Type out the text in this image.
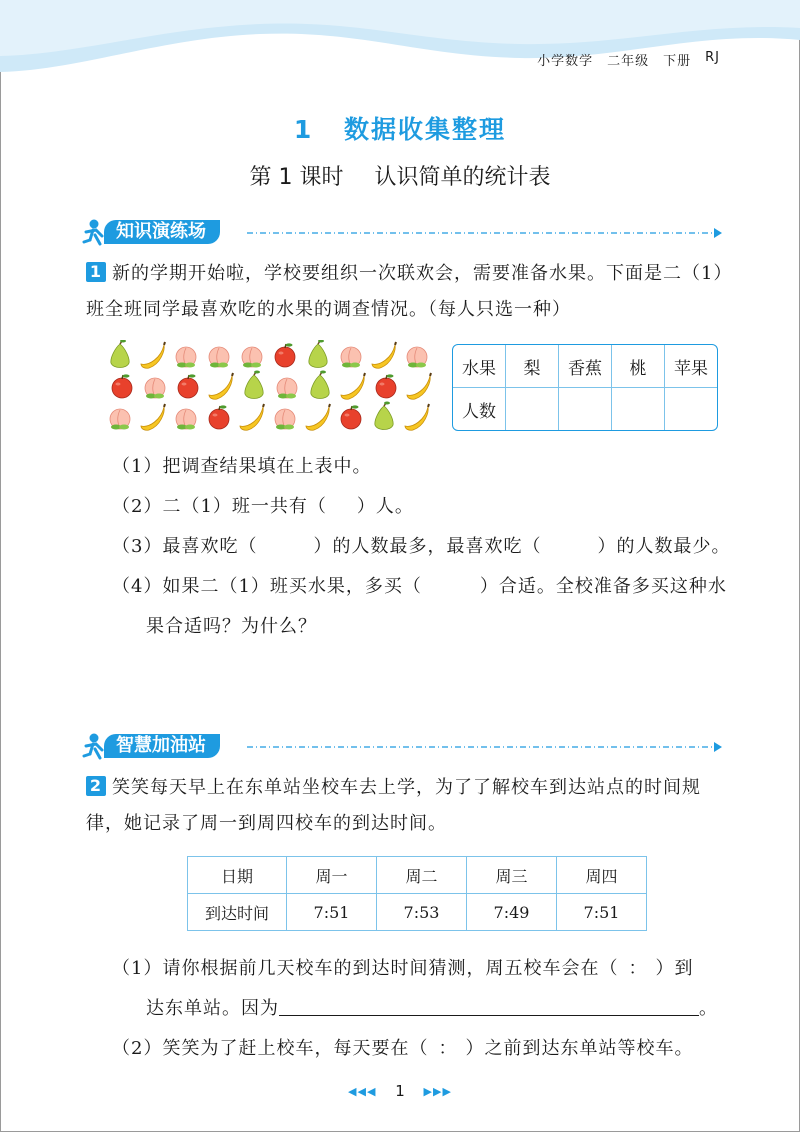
小学数学 二年级 下册 RJ
1 数据收集整理
第 1 课时 认识简单的统计表
知识演练场
1 新的学期开始啦，学校要组织一次联欢会，需要准备水果。下面是二（1）班全班同学最喜欢吃的水果的调查情况。（每人只选一种）
水果	梨	香蕉	桃	苹果
人数				
（1）把调查结果填在上表中。
（2）二（1）班一共有（ ）人。
（3）最喜欢吃（	）的人数最多，最喜欢吃（	）的人数最少。
（4）如果二（1）班买水果，多买（	）合适。全校准备多买这种水
果合适吗？为什么？
智慧加油站
2 笑笑每天早上在东单站坐校车去上学，为了了解校车到达站点的时间规律，她记录了周一到周四校车的到达时间。
日期	周一	周二	周三	周四
到达时间	7:51	7:53	7:49	7:51
（1）请你根据前几天校车的到达时间猜测，周五校车会在（ ： ）到
达东单站。因为	。
（2）笑笑为了赶上校车，每天要在（ ： ）之前到达东单站等校车。
◀◀◀ 1 ▶▶▶
